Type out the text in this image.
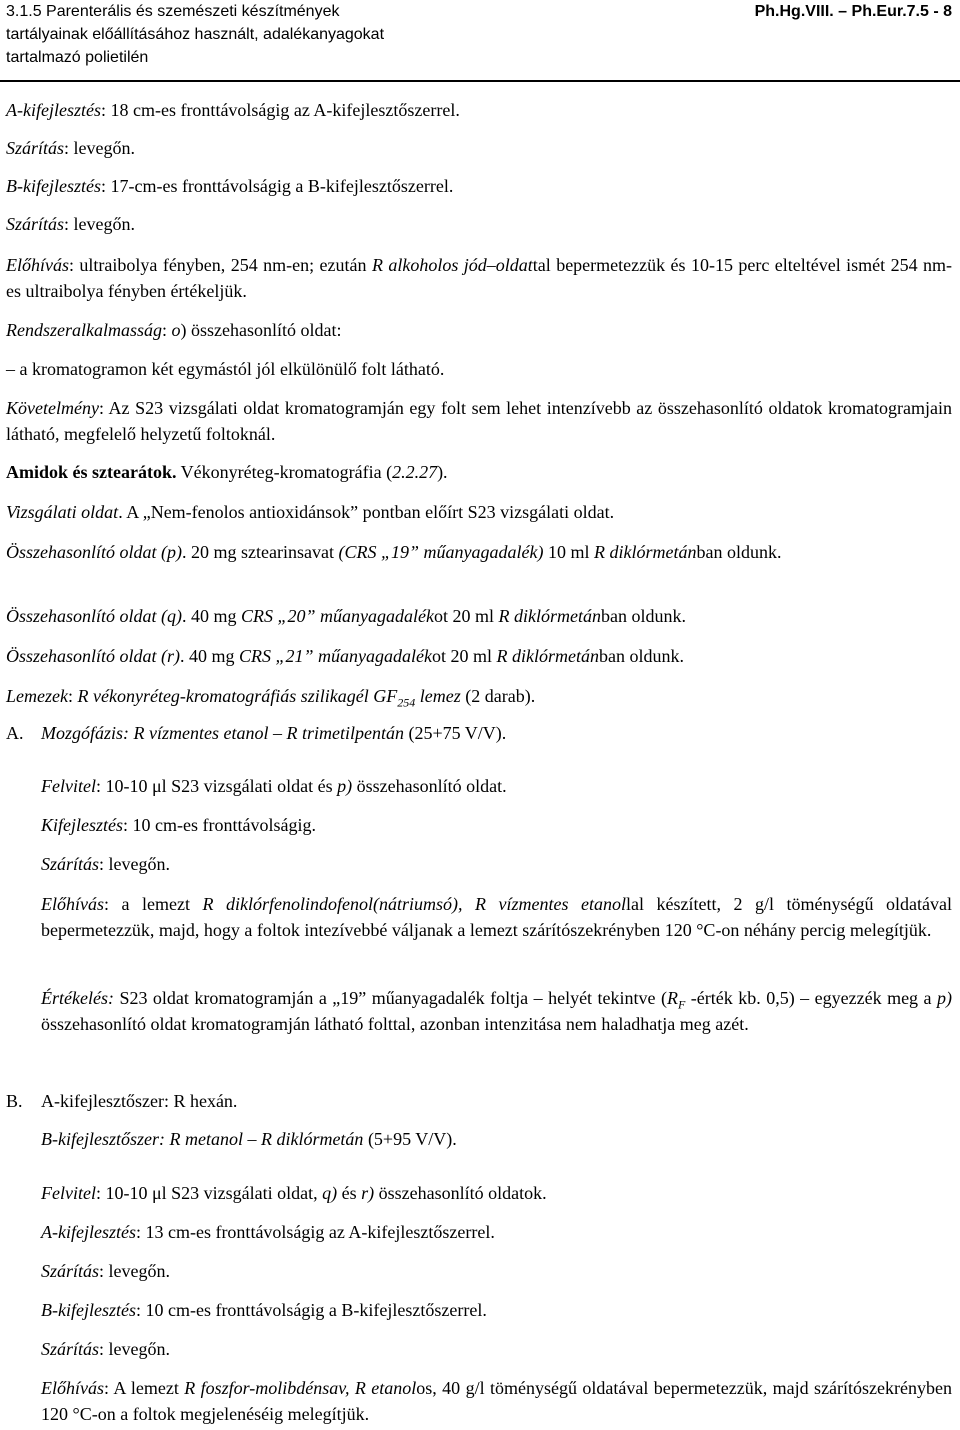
3.1.5 Parenterális és szemészeti készítmények
tartályainak előállításához használt, adalékanyagokat
tartalmazó polietilén
Ph.Hg.VIII. – Ph.Eur.7.5 - 8
A-kifejlesztés: 18 cm-es fronttávolságig az A-kifejlesztőszerrel.
Szárítás: levegőn.
B-kifejlesztés: 17-cm-es fronttávolságig a B-kifejlesztőszerrel.
Szárítás: levegőn.
Előhívás: ultraibolya fényben, 254 nm-en; ezután R alkoholos jód–oldattal bepermetezzük és 10-15 perc elteltével ismét 254 nm-es ultraibolya fényben értékeljük.
Rendszeralkalmasság: o) összehasonlító oldat:
– a kromatogramon két egymástól jól elkülönülő folt látható.
Követelmény: Az S23 vizsgálati oldat kromatogramján egy folt sem lehet intenzívebb az összehasonlító oldatok kromatogramjain látható, megfelelő helyzetű foltoknál.
Amidok és sztearátok. Vékonyréteg-kromatográfia (2.2.27).
Vizsgálati oldat. A „Nem-fenolos antioxidánsok” pontban előírt S23 vizsgálati oldat.
Összehasonlító oldat (p). 20 mg sztearinsavat (CRS „19” műanyagadalék) 10 ml R diklórmetánban oldunk.
Összehasonlító oldat (q). 40 mg CRS „20” műanyagadalékot 20 ml R diklórmetánban oldunk.
Összehasonlító oldat (r). 40 mg CRS „21” műanyagadalékot 20 ml R diklórmetánban oldunk.
Lemezek: R vékonyréteg-kromatográfiás szilikagél $GF_{254}$ lemez (2 darab).
A. Mozgófázis: R vízmentes etanol – R trimetilpentán (25+75 V/V).
Felvitel: 10-10 μl S23 vizsgálati oldat és p) összehasonlító oldat.
Kifejlesztés: 10 cm-es fronttávolságig.
Szárítás: levegőn.
Előhívás: a lemezt R diklórfenolindofenol(nátriumsó), R vízmentes etanollal készített, 2 g/l töménységű oldatával bepermetezzük, majd, hogy a foltok intezívebbé váljanak a lemezt szárítószekrényben 120 °C-on néhány percig melegítjük.
Értékelés: S23 oldat kromatogramján a „19” műanyagadalék foltja – helyét tekintve ($R_F$ -érték kb. 0,5) – egyezzék meg a p) összehasonlító oldat kromatogramján látható folttal, azonban intenzitása nem haladhatja meg azét.
B.	A-kifejlesztőszer: R hexán.
B-kifejlesztőszer: R metanol – R diklórmetán (5+95 V/V).
Felvitel: 10-10 μl S23 vizsgálati oldat, q) és r) összehasonlító oldatok.
A-kifejlesztés: 13 cm-es fronttávolságig az A-kifejlesztőszerrel.
Szárítás: levegőn.
B-kifejlesztés: 10 cm-es fronttávolságig a B-kifejlesztőszerrel.
Szárítás: levegőn.
Előhívás: A lemezt R foszfor-molibdénsav, R etanolos, 40 g/l töménységű oldatával bepermetezzük, majd szárítószekrényben 120 °C-on a foltok megjelenéséig melegítjük.
